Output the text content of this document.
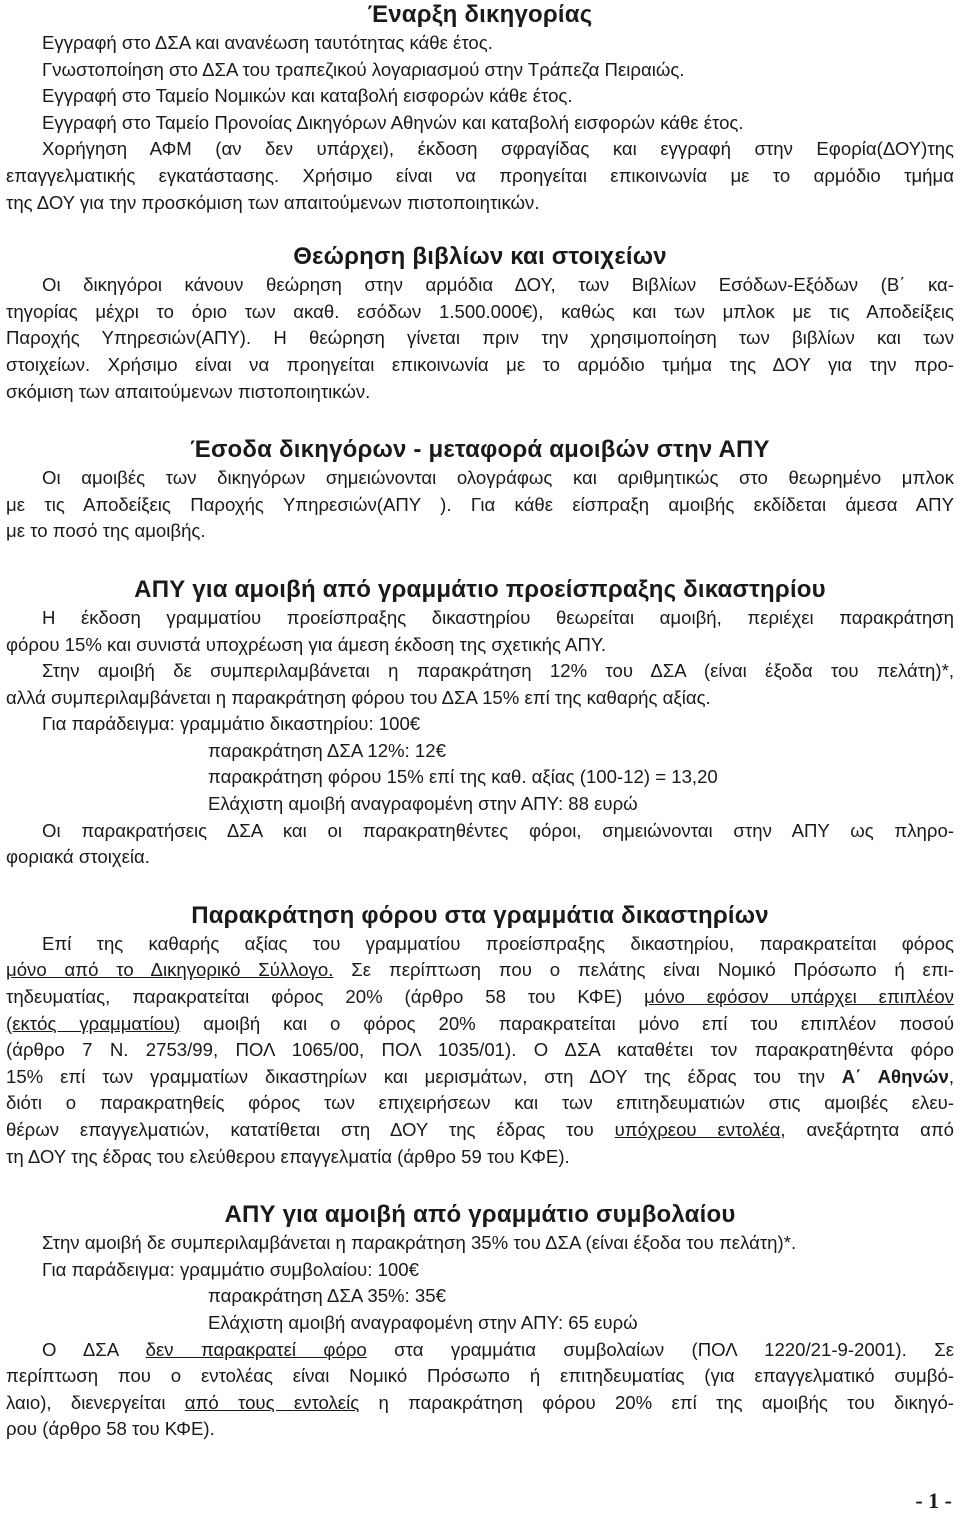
Έναρξη δικηγορίας
Εγγραφή στο ΔΣΑ και ανανέωση ταυτότητας κάθε έτος.
Γνωστοποίηση στο ΔΣΑ του τραπεζικού λογαριασμού στην Τράπεζα Πειραιώς.
Εγγραφή στο Ταμείο Νομικών και καταβολή εισφορών κάθε έτος.
Εγγραφή στο Ταμείο Προνοίας Δικηγόρων Αθηνών και καταβολή εισφορών κάθε έτος.
Χορήγηση ΑΦΜ (αν δεν υπάρχει), έκδοση σφραγίδας και εγγραφή στην Εφορία(ΔΟΥ)της
επαγγελματικής εγκατάστασης. Χρήσιμο είναι να προηγείται επικοινωνία με το αρμόδιο τμήμα
της ΔΟΥ για την προσκόμιση των απαιτούμενων πιστοποιητικών.
Θεώρηση βιβλίων και στοιχείων
Οι δικηγόροι κάνουν θεώρηση στην αρμόδια ΔΟΥ, των Βιβλίων Εσόδων-Εξόδων (Β΄ κα-
τηγορίας μέχρι το όριο των ακαθ. εσόδων 1.500.000€), καθώς και των μπλοκ με τις Αποδείξεις
Παροχής Υπηρεσιών(ΑΠΥ). Η θεώρηση γίνεται πριν την χρησιμοποίηση των βιβλίων και των
στοιχείων. Χρήσιμο είναι να προηγείται επικοινωνία με το αρμόδιο τμήμα της ΔΟΥ για την προ-
σκόμιση των απαιτούμενων πιστοποιητικών.
Έσοδα δικηγόρων - μεταφορά αμοιβών στην ΑΠΥ
Οι αμοιβές των δικηγόρων σημειώνονται ολογράφως και αριθμητικώς στο θεωρημένο μπλοκ
με τις Αποδείξεις Παροχής Υπηρεσιών(ΑΠΥ ). Για κάθε είσπραξη αμοιβής εκδίδεται άμεσα ΑΠΥ
με το ποσό της αμοιβής.
ΑΠΥ για αμοιβή από γραμμάτιο προείσπραξης δικαστηρίου
Η έκδοση γραμματίου προείσπραξης δικαστηρίου θεωρείται αμοιβή, περιέχει παρακράτηση
φόρου 15% και συνιστά υποχρέωση για άμεση έκδοση της σχετικής ΑΠΥ.
Στην αμοιβή δε συμπεριλαμβάνεται η παρακράτηση 12% του ΔΣΑ (είναι έξοδα του πελάτη)*,
αλλά συμπεριλαμβάνεται η παρακράτηση φόρου του ΔΣΑ 15% επί της καθαρής αξίας.
Για παράδειγμα: γραμμάτιο δικαστηρίου: 100€
παρακράτηση ΔΣΑ 12%: 12€
παρακράτηση φόρου 15% επί της καθ. αξίας (100-12) = 13,20
Ελάχιστη αμοιβή αναγραφομένη στην ΑΠΥ: 88 ευρώ
Οι παρακρατήσεις ΔΣΑ και οι παρακρατηθέντες φόροι, σημειώνονται στην ΑΠΥ ως πληρο-
φοριακά στοιχεία.
Παρακράτηση φόρου στα γραμμάτια δικαστηρίων
Επί της καθαρής αξίας του γραμματίου προείσπραξης δικαστηρίου, παρακρατείται φόρος
μόνο από το Δικηγορικό Σύλλογο. Σε περίπτωση που ο πελάτης είναι Νομικό Πρόσωπο ή επι-
τηδευματίας, παρακρατείται φόρος 20% (άρθρο 58 του ΚΦΕ) μόνο εφόσον υπάρχει επιπλέον
(εκτός γραμματίου) αμοιβή και ο φόρος 20% παρακρατείται μόνο επί του επιπλέον ποσού
(άρθρο 7 Ν. 2753/99, ΠΟΛ 1065/00, ΠΟΛ 1035/01). Ο ΔΣΑ καταθέτει τον παρακρατηθέντα φόρο
15% επί των γραμματίων δικαστηρίων και μερισμάτων, στη ΔΟΥ της έδρας του την Α΄ Αθηνών,
διότι ο παρακρατηθείς φόρος των επιχειρήσεων και των επιτηδευματιών στις αμοιβές ελευ-
θέρων επαγγελματιών, κατατίθεται στη ΔΟΥ της έδρας του υπόχρεου εντολέα, ανεξάρτητα από
τη ΔΟΥ της έδρας του ελεύθερου επαγγελματία (άρθρο 59 του ΚΦΕ).
ΑΠΥ για αμοιβή από γραμμάτιο συμβολαίου
Στην αμοιβή δε συμπεριλαμβάνεται η παρακράτηση 35% του ΔΣΑ (είναι έξοδα του πελάτη)*.
Για παράδειγμα: γραμμάτιο συμβολαίου: 100€
παρακράτηση ΔΣΑ 35%: 35€
Ελάχιστη αμοιβή αναγραφομένη στην ΑΠΥ: 65 ευρώ
Ο ΔΣΑ δεν παρακρατεί φόρο στα γραμμάτια συμβολαίων (ΠΟΛ 1220/21-9-2001). Σε
περίπτωση που ο εντολέας είναι Νομικό Πρόσωπο ή επιτηδευματίας (για επαγγελματικό συμβό-
λαιο), διενεργείται από τους εντολείς η παρακράτηση φόρου 20% επί της αμοιβής του δικηγό-
ρου (άρθρο 58 του ΚΦΕ).
- 1 -
